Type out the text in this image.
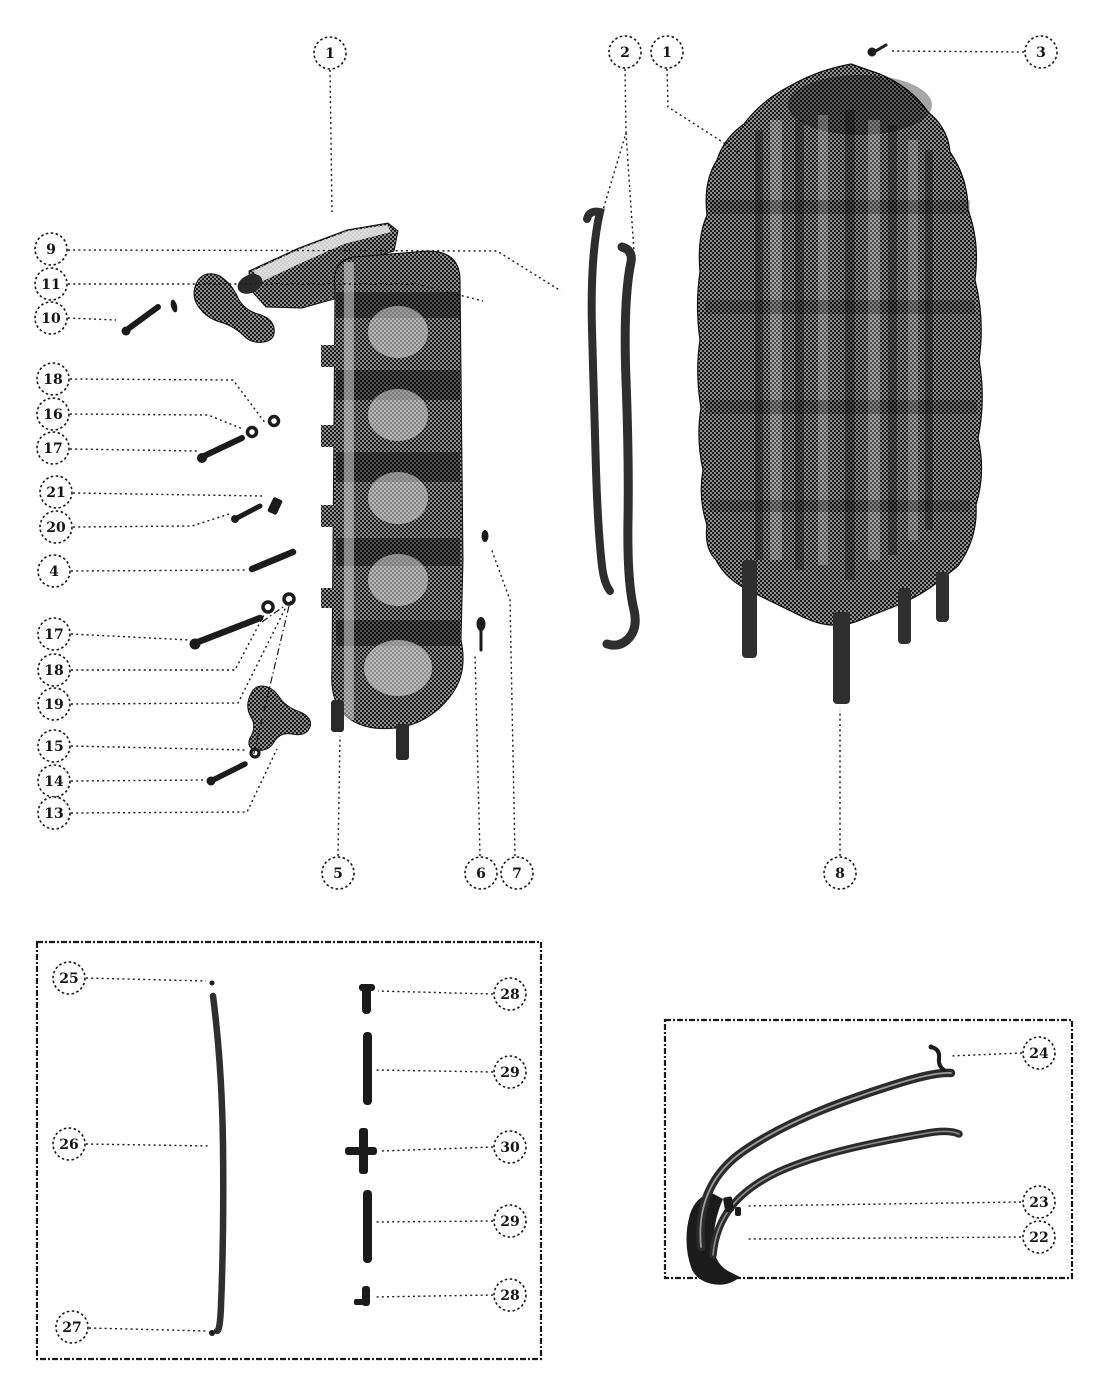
1	2 1	3
9
11
10
18
16
17
21
20
4
17
18
19
15
14
13
5	6 7	8
25
26
27
28
29
30
29
28
24
23
22
